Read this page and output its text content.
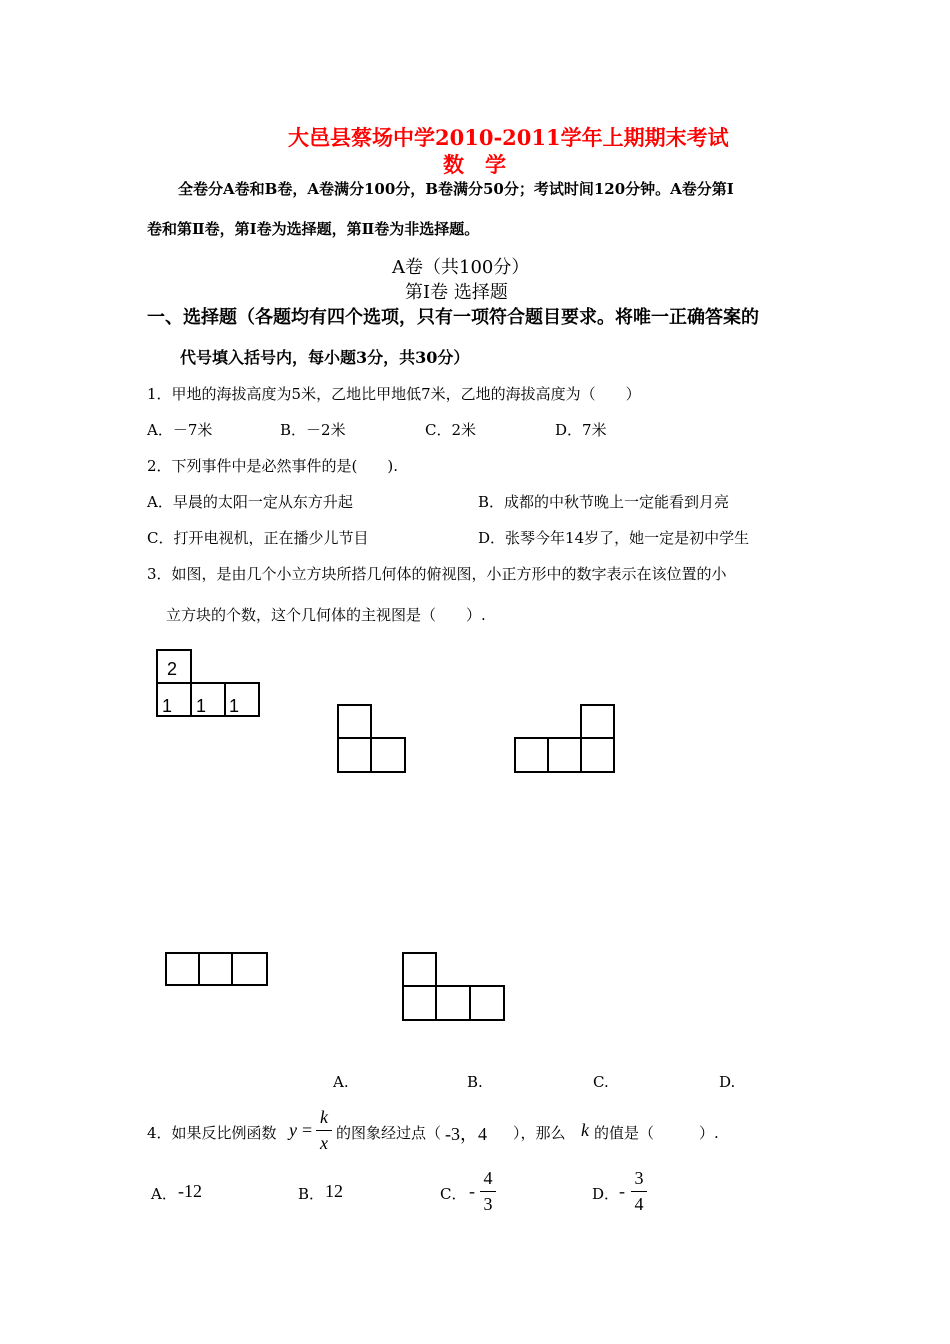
大邑县蔡场中学2010-2011学年上期期末考试
数　学
全卷分A卷和B卷，A卷满分100分，B卷满分50分；考试时间120分钟。A卷分第Ⅰ
卷和第Ⅱ卷，第Ⅰ卷为选择题，第Ⅱ卷为非选择题。
A卷（共100分）
第Ⅰ卷 选择题
一、选择题（各题均有四个选项，只有一项符合题目要求。将唯一正确答案的
代号填入括号内，每小题3分，共30分）
1．甲地的海拔高度为5米，乙地比甲地低7米，乙地的海拔高度为（　　）
A．－7米	B．－2米	C．2米	D．7米
2．下列事件中是必然事件的是(　　).
A．早晨的太阳一定从东方升起	B．成都的中秋节晚上一定能看到月亮
C．打开电视机，正在播少儿节目	D．张琴今年14岁了，她一定是初中学生
3．如图，是由几个小立方块所搭几何体的俯视图，小正方形中的数字表示在该位置的小
立方块的个数，这个几何体的主视图是（　　）.
2
1 1 1
A.	B.	C.	D.
4．如果反比例函数 y =
k
x 的图象经过点（ -3，4 ），那么 k 的值是（　　　）.
A． -12	B． 12	C． -
4
3	D． -
3
4
